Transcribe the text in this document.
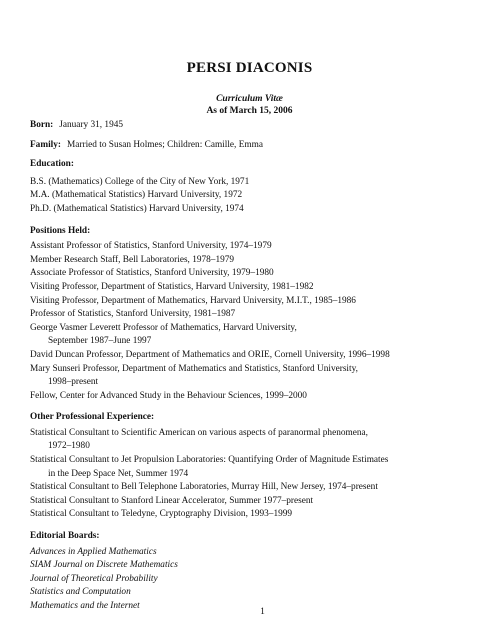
PERSI DIACONIS
Curriculum Vitæ
As of March 15, 2006
Born: January 31, 1945
Family: Married to Susan Holmes; Children: Camille, Emma
Education:
B.S. (Mathematics) College of the City of New York, 1971
M.A. (Mathematical Statistics) Harvard University, 1972
Ph.D. (Mathematical Statistics) Harvard University, 1974
Positions Held:
Assistant Professor of Statistics, Stanford University, 1974–1979
Member Research Staff, Bell Laboratories, 1978–1979
Associate Professor of Statistics, Stanford University, 1979–1980
Visiting Professor, Department of Statistics, Harvard University, 1981–1982
Visiting Professor, Department of Mathematics, Harvard University, M.I.T., 1985–1986
Professor of Statistics, Stanford University, 1981–1987
George Vasmer Leverett Professor of Mathematics, Harvard University,
September 1987–June 1997
David Duncan Professor, Department of Mathematics and ORIE, Cornell University, 1996–1998
Mary Sunseri Professor, Department of Mathematics and Statistics, Stanford University,
1998–present
Fellow, Center for Advanced Study in the Behaviour Sciences, 1999–2000
Other Professional Experience:
Statistical Consultant to Scientific American on various aspects of paranormal phenomena,
1972–1980
Statistical Consultant to Jet Propulsion Laboratories: Quantifying Order of Magnitude Estimates
in the Deep Space Net, Summer 1974
Statistical Consultant to Bell Telephone Laboratories, Murray Hill, New Jersey, 1974–present
Statistical Consultant to Stanford Linear Accelerator, Summer 1977–present
Statistical Consultant to Teledyne, Cryptography Division, 1993–1999
Editorial Boards:
Advances in Applied Mathematics
SIAM Journal on Discrete Mathematics
Journal of Theoretical Probability
Statistics and Computation
Mathematics and the Internet
1
